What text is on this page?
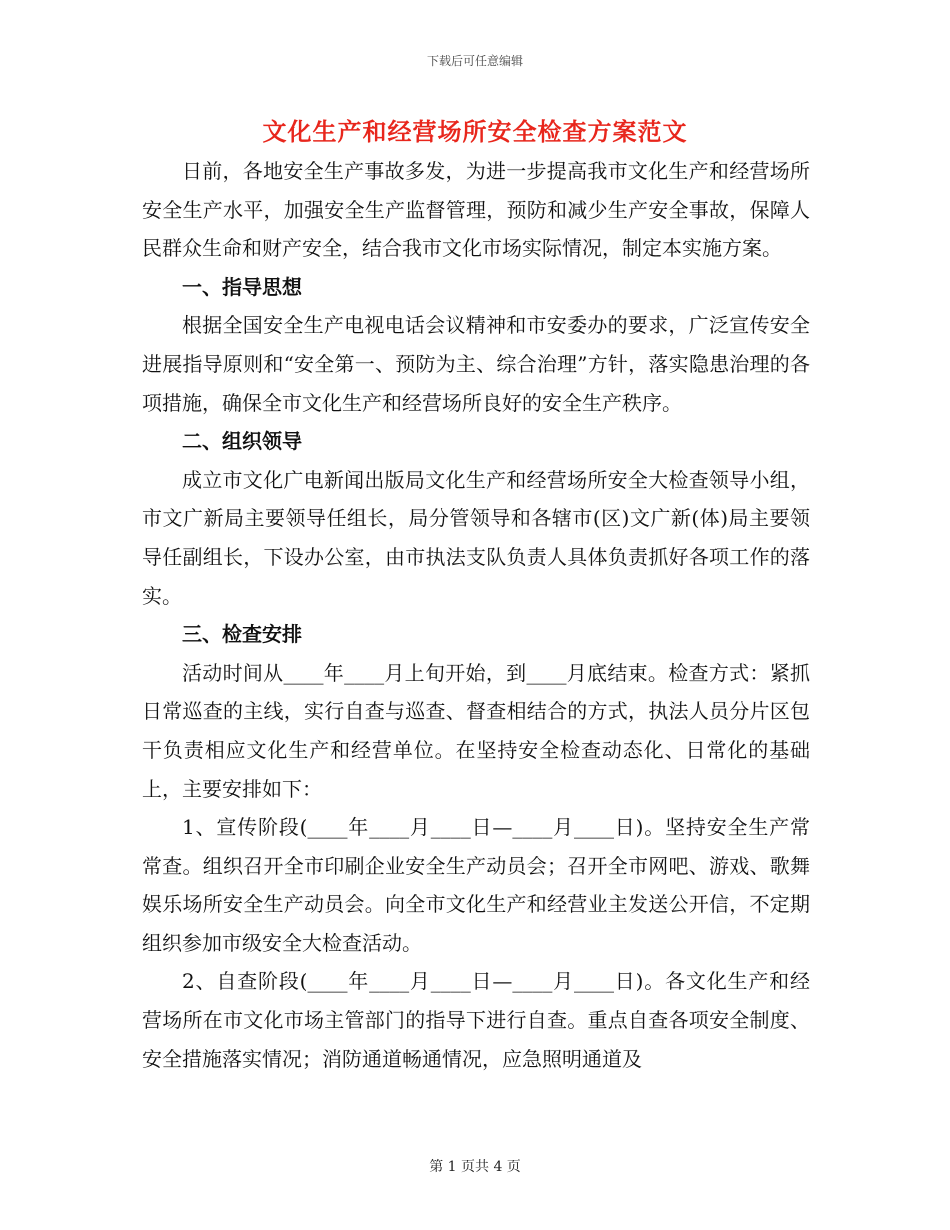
下载后可任意编辑
文化生产和经营场所安全检查方案范文

日前，各地安全生产事故多发，为进一步提高我市文化生产和经营场所安全生产水平，加强安全生产监督管理，预防和减少生产安全事故，保障人民群众生命和财产安全，结合我市文化市场实际情况，制定本实施方案。

一、指导思想

根据全国安全生产电视电话会议精神和市安委办的要求，广泛宣传安全进展指导原则和“安全第一、预防为主、综合治理”方针，落实隐患治理的各项措施，确保全市文化生产和经营场所良好的安全生产秩序。

二、组织领导

成立市文化广电新闻出版局文化生产和经营场所安全大检查领导小组，市文广新局主要领导任组长，局分管领导和各辖市(区)文广新(体)局主要领导任副组长，下设办公室，由市执法支队负责人具体负责抓好各项工作的落实。

三、检查安排

活动时间从____年____月上旬开始，到____月底结束。检查方式：紧抓日常巡查的主线，实行自查与巡查、督查相结合的方式，执法人员分片区包干负责相应文化生产和经营单位。在坚持安全检查动态化、日常化的基础上，主要安排如下：

1、宣传阶段(____年____月____日—____月____日)。坚持安全生产常常查。组织召开全市印刷企业安全生产动员会；召开全市网吧、游戏、歌舞娱乐场所安全生产动员会。向全市文化生产和经营业主发送公开信，不定期组织参加市级安全大检查活动。

2、自查阶段(____年____月____日—____月____日)。各文化生产和经营场所在市文化市场主管部门的指导下进行自查。重点自查各项安全制度、安全措施落实情况；消防通道畅通情况，应急照明通道及

第 1 页共 4 页
